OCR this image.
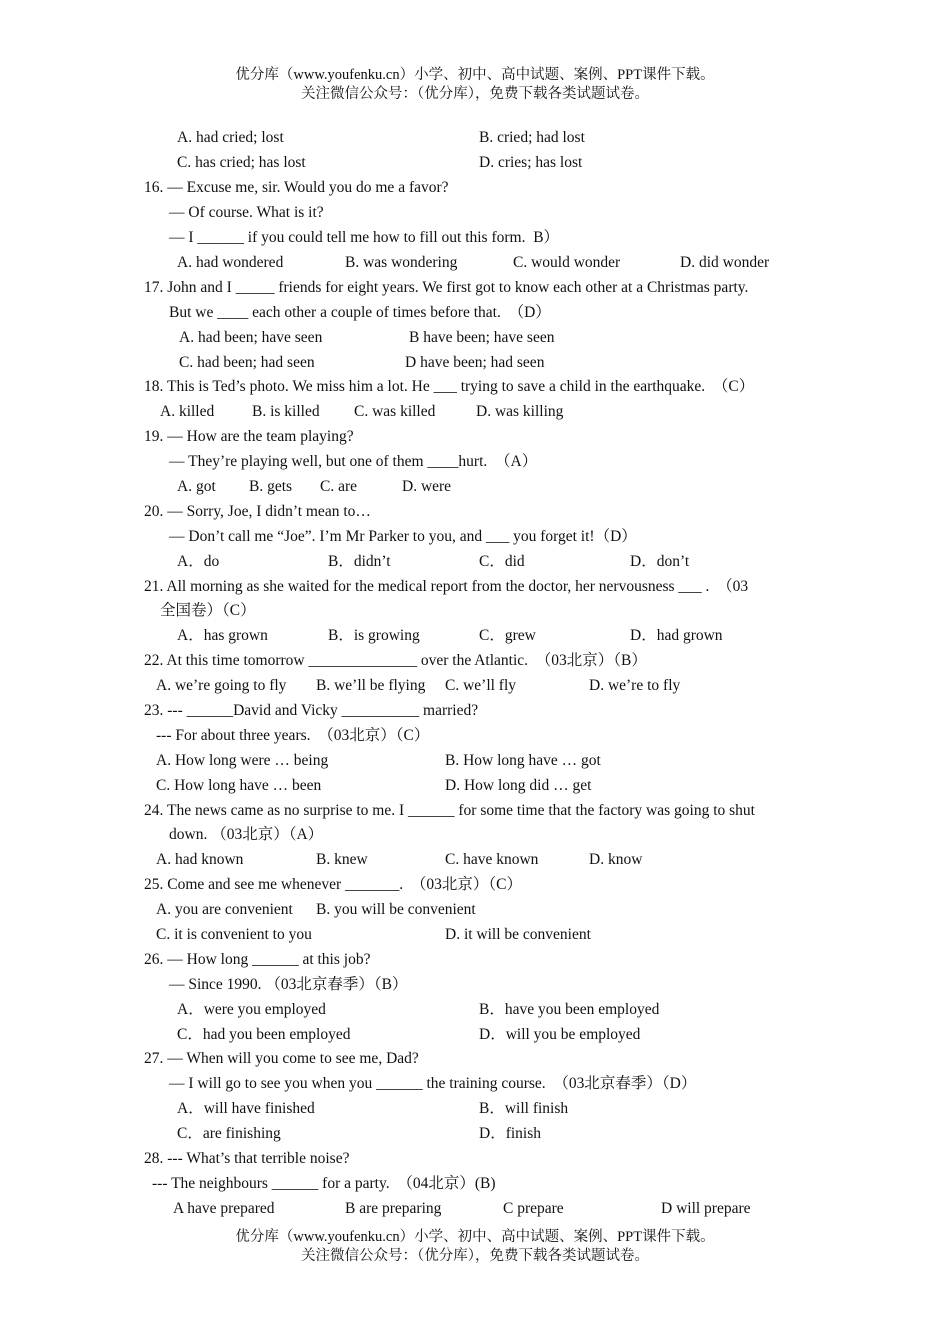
优分库（www.youfenku.cn）小学、初中、高中试题、案例、PPT课件下载。
关注微信公众号：（优分库），免费下载各类试题试卷。
A. had cried; lost	B. cried; had lost
C. has cried; has lost	D. cries; has lost
16. — Excuse me, sir. Would you do me a favor?
— Of course. What is it?
— I ______ if you could tell me how to fill out this form.  B）
A. had wondered	B. was wondering	C. would wonder	D. did wonder
17. John and I _____ friends for eight years. We first got to know each other at a Christmas party.
But we ____ each other a couple of times before that.  （D）
A. had been; have seen	B have been; have seen
C. had been; had seen	D have been; had seen
18. This is Ted’s photo. We miss him a lot. He ___ trying to save a child in the earthquake.  （C）
A. killed B. is killed C. was killed	D. was killing
19. — How are the team playing?
— They’re playing well, but one of them ____hurt.  （A）
A. got B. gets C. are	D. were
20. — Sorry, Joe, I didn’t mean to…
— Don’t call me “Joe”. I’m Mr Parker to you, and ___ you forget it!（D）
A．do	B．didn’t	C．did	D．don’t
21. All morning as she waited for the medical report from the doctor, her nervousness ___ .  （03
全国卷）（C）
A．has grown	B．is growing	C．grew	D．had grown
22. At this time tomorrow ______________ over the Atlantic.  （03北京）（B）
A. we’re going to fly B. we’ll be flying C. we’ll fly	D. we’re to fly
23. --- ______David and Vicky __________ married?
--- For about three years.  （03北京）（C）
A. How long were … being	B. How long have … got
C. How long have … been	D. How long did … get
24. The news came as no surprise to me. I ______ for some time that the factory was going to shut
down. （03北京）（A）
A. had known	B. knew	C. have known	D. know
25. Come and see me whenever _______.  （03北京）（C）
A. you are convenient B. you will be convenient
C. it is convenient to you	D. it will be convenient
26. — How long ______ at this job?
— Since 1990. （03北京春季）（B）
A．were you employed	B．have you been employed
C．had you been employed	D．will you be employed
27. — When will you come to see me, Dad?
— I will go to see you when you ______ the training course.  （03北京春季）（D）
A．will have finished	B．will finish
C．are finishing	D．finish
28. --- What’s that terrible noise?
--- The neighbours ______ for a party.  （04北京）(B)
A have prepared	B are preparing	C prepare	D will prepare
优分库（www.youfenku.cn）小学、初中、高中试题、案例、PPT课件下载。
关注微信公众号：（优分库），免费下载各类试题试卷。
